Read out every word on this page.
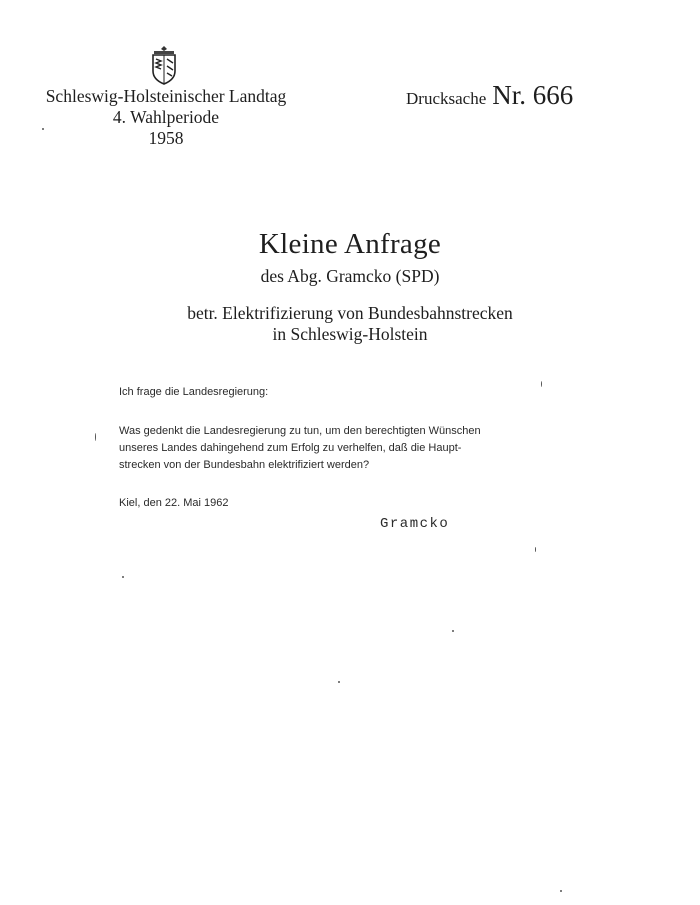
Schleswig-Holsteinischer Landtag
4. Wahlperiode
1958
Drucksache Nr. 666
Kleine Anfrage
des Abg. Gramcko (SPD)
betr. Elektrifizierung von Bundesbahnstrecken
in Schleswig-Holstein
Ich frage die Landesregierung:
Was gedenkt die Landesregierung zu tun, um den berechtigten Wünschen
unseres Landes dahingehend zum Erfolg zu verhelfen, daß die Haupt-
strecken von der Bundesbahn elektrifiziert werden?
Kiel, den 22. Mai 1962
Gramcko
